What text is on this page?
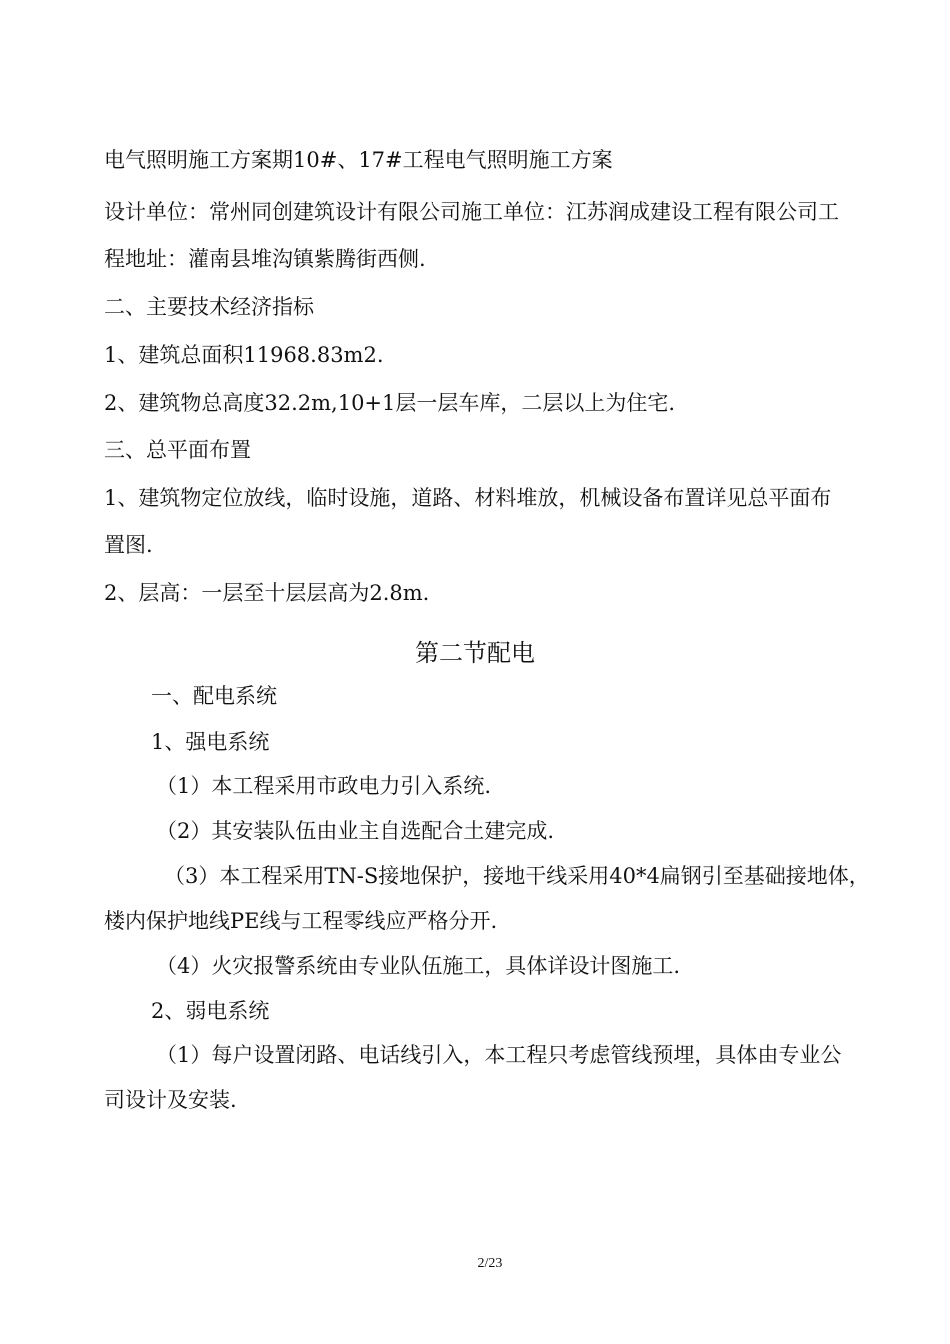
电气照明施工方案期10#、17#工程电气照明施工方案
设计单位：常州同创建筑设计有限公司施工单位：江苏润成建设工程有限公司工
程地址：灌南县堆沟镇紫腾街西侧.
二、主要技术经济指标
1、建筑总面积11968.83m2.
2、建筑物总高度32.2m,10+1层一层车库，二层以上为住宅.
三、总平面布置
1、建筑物定位放线，临时设施，道路、材料堆放，机械设备布置详见总平面布
置图.
2、层高：一层至十层层高为2.8m.
第二节配电
一、配电系统
1、强电系统
（1）本工程采用市政电力引入系统.
（2）其安装队伍由业主自选配合土建完成.
（3）本工程采用TN-S接地保护，接地干线采用40*4扁钢引至基础接地体，
楼内保护地线PE线与工程零线应严格分开.
（4）火灾报警系统由专业队伍施工，具体详设计图施工.
2、弱电系统
（1）每户设置闭路、电话线引入，本工程只考虑管线预埋，具体由专业公
司设计及安装.
2/23
